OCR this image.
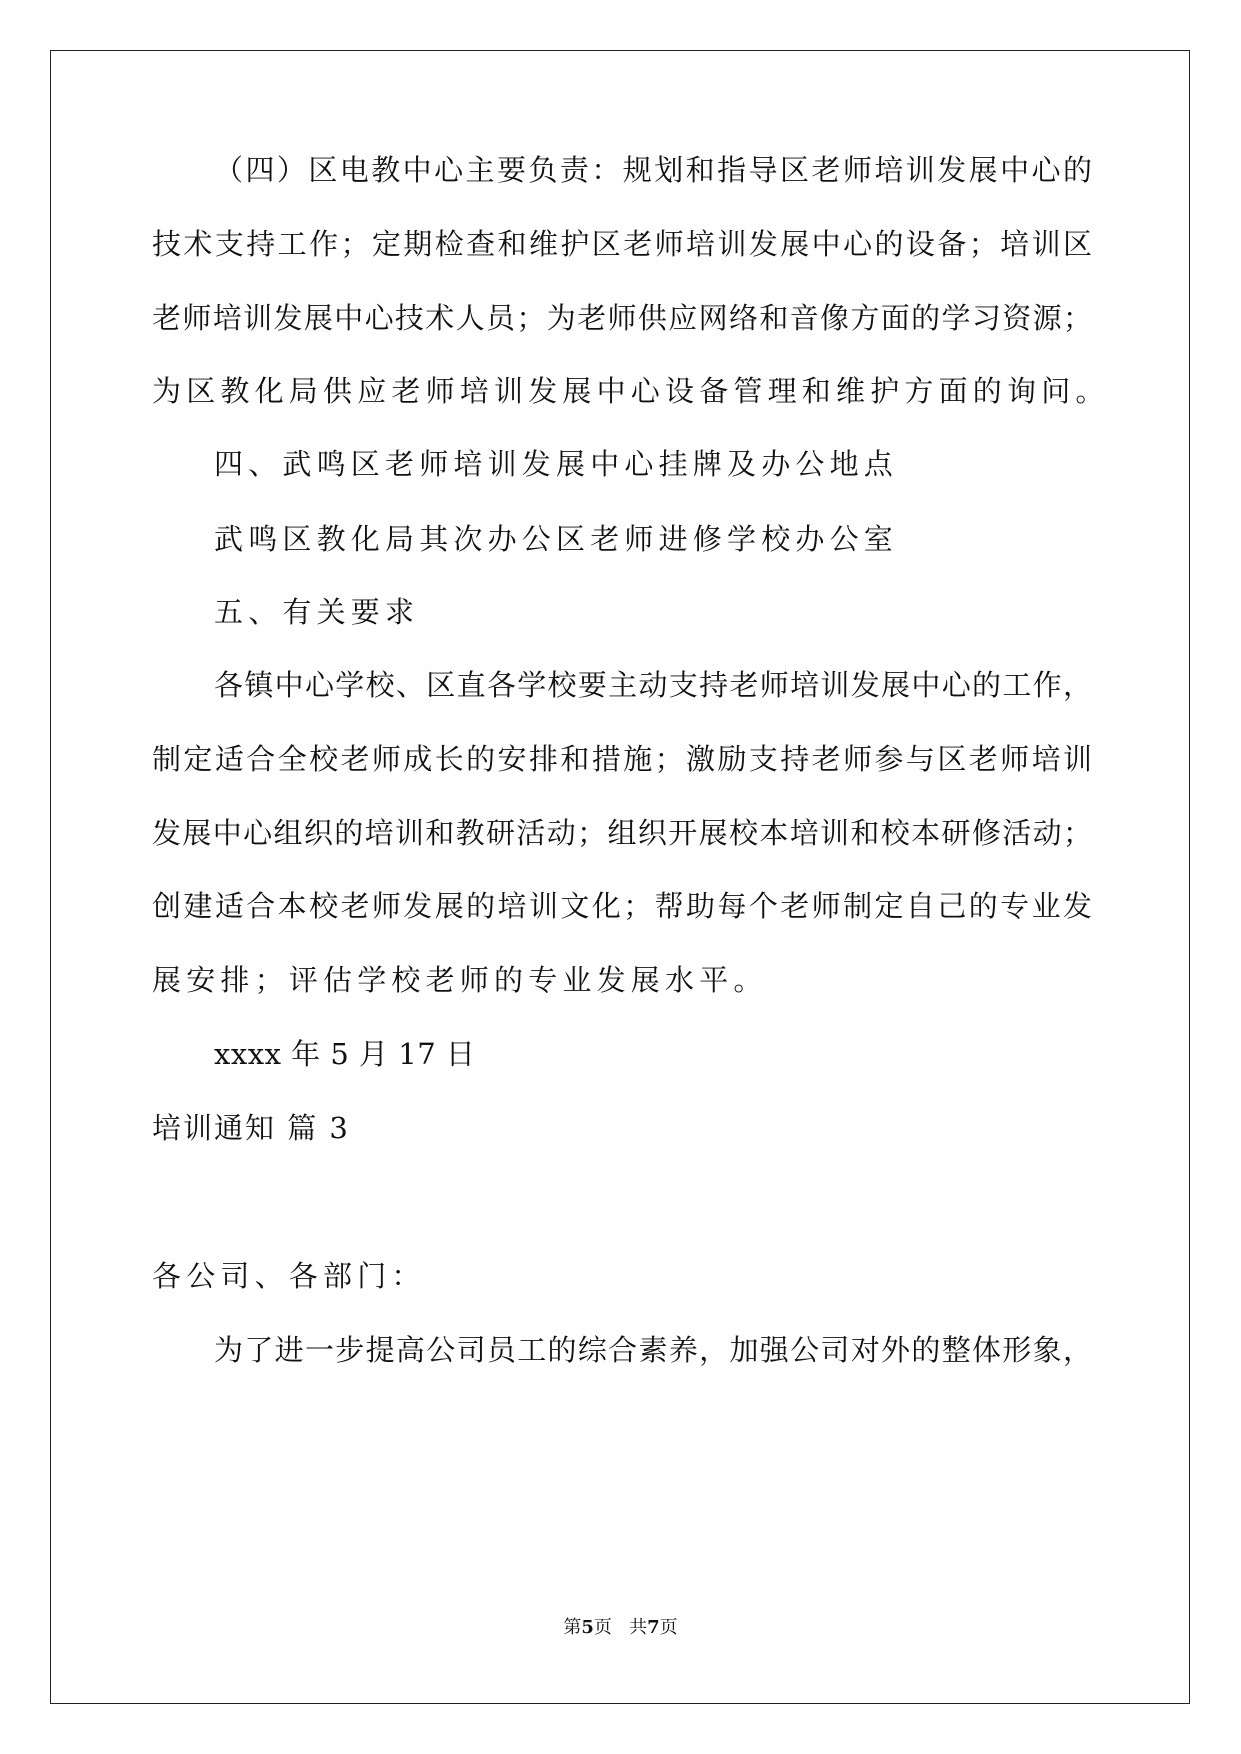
（四）区电教中心主要负责：规划和指导区老师培训发展中心的
技术支持工作；定期检查和维护区老师培训发展中心的设备；培训区
老师培训发展中心技术人员；为老师供应网络和音像方面的学习资源；
为区教化局供应老师培训发展中心设备管理和维护方面的询问。
四、武鸣区老师培训发展中心挂牌及办公地点
武鸣区教化局其次办公区老师进修学校办公室
五、有关要求
各镇中心学校、区直各学校要主动支持老师培训发展中心的工作，
制定适合全校老师成长的安排和措施；激励支持老师参与区老师培训
发展中心组织的培训和教研活动；组织开展校本培训和校本研修活动；
创建适合本校老师发展的培训文化；帮助每个老师制定自己的专业发
展安排；评估学校老师的专业发展水平。
xxxx 年 5 月 17 日
培训通知 篇 3
各公司、各部门：
为了进一步提高公司员工的综合素养，加强公司对外的整体形象，
第5页   共7页
